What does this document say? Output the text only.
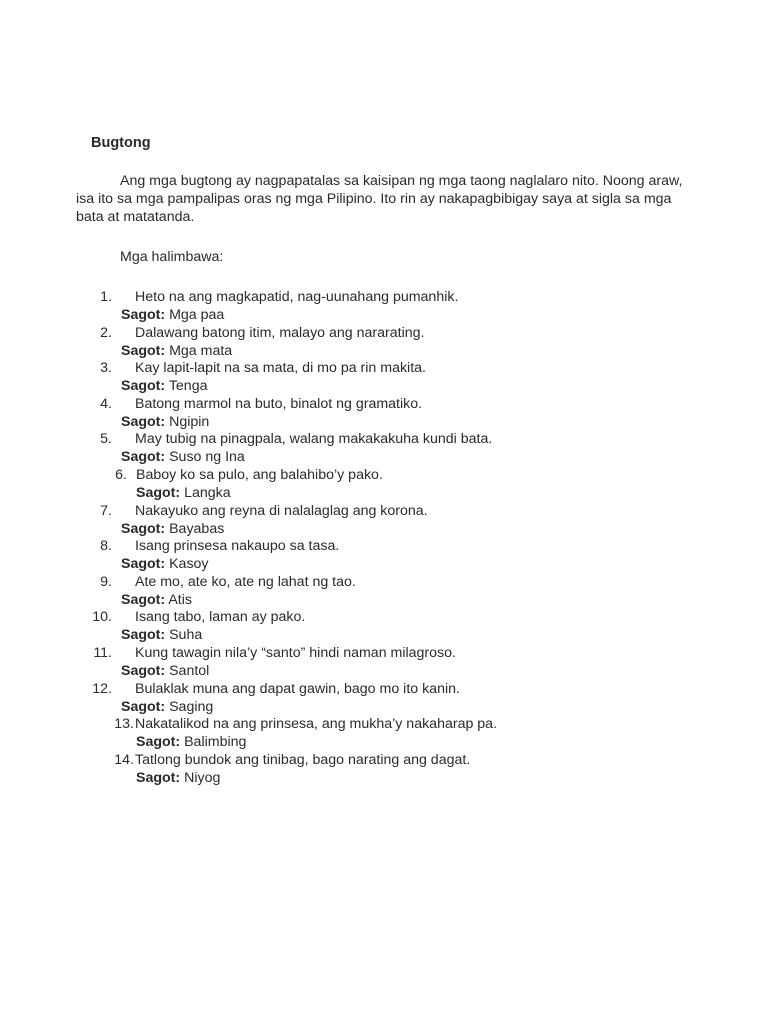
Bugtong

Ang mga bugtong ay nagpapatalas sa kaisipan ng mga taong naglalaro nito. Noong araw, isa ito sa mga pampalipas oras ng mga Pilipino. Ito rin ay nakapagbibigay saya at sigla sa mga bata at matatanda.

Mga halimbawa:
1. Heto na ang magkapatid, nag-uunahang pumanhik.
Sagot: Mga paa
2. Dalawang batong itim, malayo ang nararating.
Sagot: Mga mata
3. Kay lapit-lapit na sa mata, di mo pa rin makita.
Sagot: Tenga
4. Batong marmol na buto, binalot ng gramatiko.
Sagot: Ngipin
5. May tubig na pinagpala, walang makakakuha kundi bata.
Sagot: Suso ng Ina
6. Baboy ko sa pulo, ang balahibo’y pako.
Sagot: Langka
7. Nakayuko ang reyna di nalalaglag ang korona.
Sagot: Bayabas
8. Isang prinsesa nakaupo sa tasa.
Sagot: Kasoy
9. Ate mo, ate ko, ate ng lahat ng tao.
Sagot: Atis
10. Isang tabo, laman ay pako.
Sagot: Suha
11. Kung tawagin nila’y “santo” hindi naman milagroso.
Sagot: Santol
12. Bulaklak muna ang dapat gawin, bago mo ito kanin.
Sagot: Saging
13. Nakatalikod na ang prinsesa, ang mukha’y nakaharap pa.
Sagot: Balimbing
14. Tatlong bundok ang tinibag, bago narating ang dagat.
Sagot: Niyog
